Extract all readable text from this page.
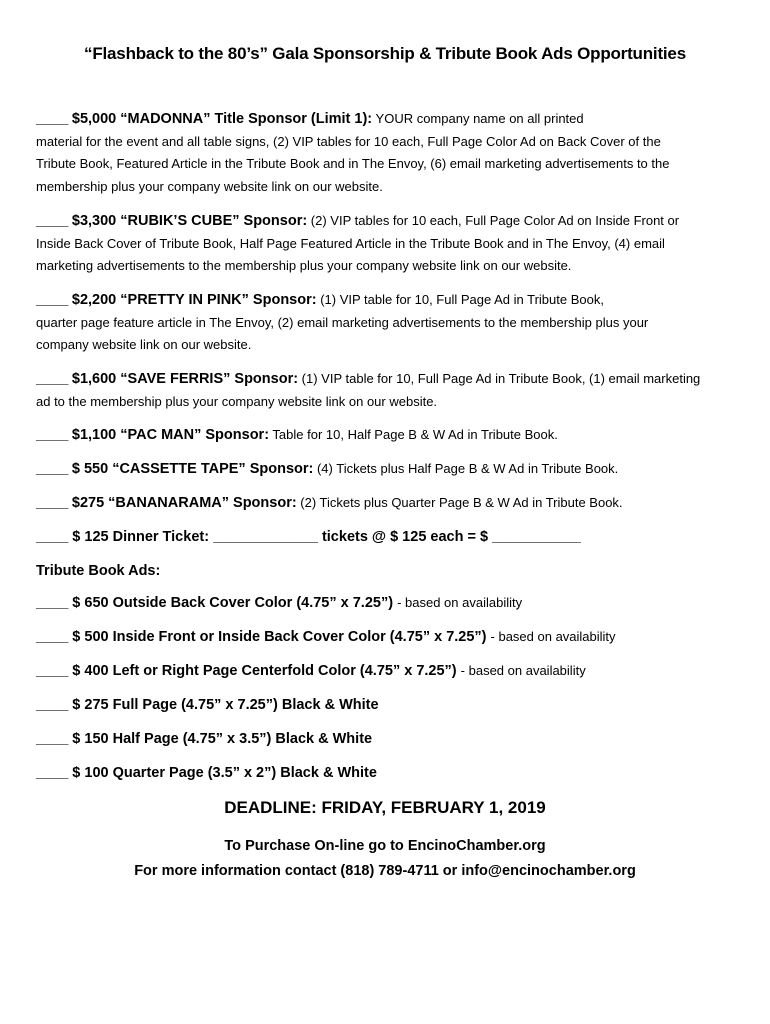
“Flashback to the 80’s” Gala Sponsorship & Tribute Book Ads Opportunities
____ $5,000 “MADONNA” Title Sponsor (Limit 1): YOUR company name on all printed
material for the event and all table signs, (2) VIP tables for 10 each, Full Page Color Ad on Back Cover of the
Tribute Book, Featured Article in the Tribute Book and in The Envoy, (6) email marketing advertisements to the
membership plus your company website link on our website.
____ $3,300 “RUBIK’S CUBE” Sponsor: (2) VIP tables for 10 each, Full Page Color Ad on Inside Front or
Inside Back Cover of Tribute Book, Half Page Featured Article in the Tribute Book and in The Envoy, (4) email
marketing advertisements to the membership plus your company website link on our website.
____ $2,200 “PRETTY IN PINK” Sponsor: (1) VIP table for 10, Full Page Ad in Tribute Book,
quarter page feature article in The Envoy, (2) email marketing advertisements to the membership plus your
company website link on our website.
____ $1,600 “SAVE FERRIS” Sponsor: (1) VIP table for 10, Full Page Ad in Tribute Book, (1) email marketing
ad to the membership plus your company website link on our website.
____ $1,100 “PAC MAN” Sponsor: Table for 10, Half Page B & W Ad in Tribute Book.
____ $ 550 “CASSETTE TAPE” Sponsor: (4) Tickets plus Half Page B & W Ad in Tribute Book.
____ $275 “BANANARAMA” Sponsor: (2) Tickets plus Quarter Page B & W Ad in Tribute Book.
____ $ 125 Dinner Ticket: _____________ tickets @ $ 125 each = $ ___________
Tribute Book Ads:
____ $ 650 Outside Back Cover Color (4.75” x 7.25”) - based on availability
____ $ 500 Inside Front or Inside Back Cover Color (4.75” x 7.25”) - based on availability
____ $ 400 Left or Right Page Centerfold Color (4.75” x 7.25”) - based on availability
____ $ 275 Full Page (4.75” x 7.25”) Black & White
____ $ 150 Half Page (4.75” x 3.5”) Black & White
____ $ 100 Quarter Page (3.5” x 2”) Black & White
DEADLINE: FRIDAY, FEBRUARY 1, 2019
To Purchase On-line go to EncinoChamber.org
For more information contact (818) 789-4711 or info@encinochamber.org
